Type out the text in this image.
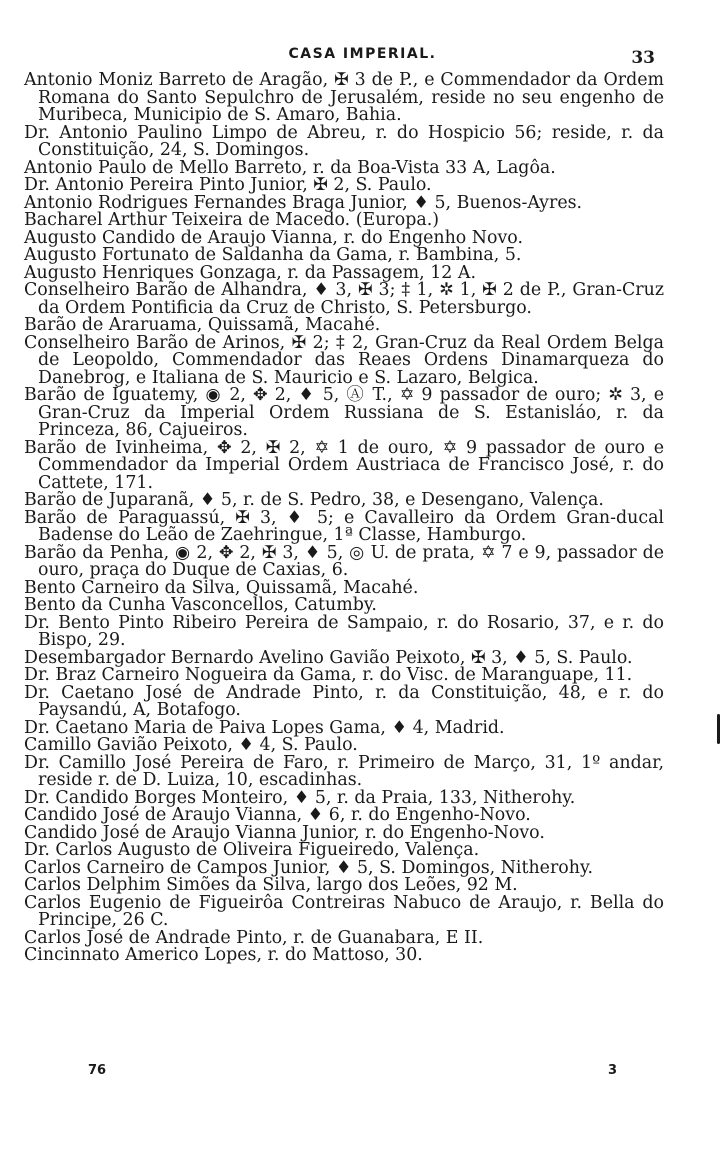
CASA IMPERIAL.	33
Antonio Moniz Barreto de Aragão, ✠ 3 de P., e Commendador da Ordem Romana do Santo Sepulchro de Jerusalém, reside no seu engenho de Muribeca, Municipio de S. Amaro, Bahia.
Dr. Antonio Paulino Limpo de Abreu, r. do Hospicio 56; reside, r. da Constituição, 24, S. Domingos.
Antonio Paulo de Mello Barreto, r. da Boa-Vista 33 A, Lagôa.
Dr. Antonio Pereira Pinto Junior, ✠ 2, S. Paulo.
Antonio Rodrigues Fernandes Braga Junior, ♦ 5, Buenos-Ayres.
Bacharel Arthur Teixeira de Macedo. (Europa.)
Augusto Candido de Araujo Vianna, r. do Engenho Novo.
Augusto Fortunato de Saldanha da Gama, r. Bambina, 5.
Augusto Henriques Gonzaga, r. da Passagem, 12 A.
Conselheiro Barão de Alhandra, ♦ 3, ✠ 3; ‡ 1, ✲ 1, ✠ 2 de P., Gran-Cruz da Ordem Pontificia da Cruz de Christo, S. Petersburgo.
Barão de Araruama, Quissamã, Macahé.
Conselheiro Barão de Arinos, ✠ 2; ‡ 2, Gran-Cruz da Real Ordem Belga de Leopoldo, Commendador das Reaes Ordens Dinamarqueza do Danebrog, e Italiana de S. Mauricio e S. Lazaro, Belgica.
Barão de Iguatemy, ◉ 2, ✥ 2, ♦ 5, Ⓐ T., ✡ 9 passador de ouro; ✲ 3, e Gran-Cruz da Imperial Ordem Russiana de S. Estanisláo, r. da Princeza, 86, Cajueiros.
Barão de Ivinheima, ✥ 2, ✠ 2, ✡ 1 de ouro, ✡ 9 passador de ouro e Commendador da Imperial Ordem Austriaca de Francisco José, r. do Cattete, 171.
Barão de Juparanã, ♦ 5, r. de S. Pedro, 38, e Desengano, Valença.
Barão de Paraguassú, ✠ 3, ♦ 5; e Cavalleiro da Ordem Gran-ducal Badense do Leão de Zaehringue, 1ª Classe, Hamburgo.
Barão da Penha, ◉ 2, ✥ 2, ✠ 3, ♦ 5, ◎ U. de prata, ✡ 7 e 9, passador de ouro, praça do Duque de Caxias, 6.
Bento Carneiro da Silva, Quissamã, Macahé.
Bento da Cunha Vasconcellos, Catumby.
Dr. Bento Pinto Ribeiro Pereira de Sampaio, r. do Rosario, 37, e r. do Bispo, 29.
Desembargador Bernardo Avelino Gavião Peixoto, ✠ 3, ♦ 5, S. Paulo.
Dr. Braz Carneiro Nogueira da Gama, r. do Visc. de Maranguape, 11.
Dr. Caetano José de Andrade Pinto, r. da Constituição, 48, e r. do Paysandú, A, Botafogo.
Dr. Caetano Maria de Paiva Lopes Gama, ♦ 4, Madrid.
Camillo Gavião Peixoto, ♦ 4, S. Paulo.
Dr. Camillo José Pereira de Faro, r. Primeiro de Março, 31, 1º andar, reside r. de D. Luiza, 10, escadinhas.
Dr. Candido Borges Monteiro, ♦ 5, r. da Praia, 133, Nitherohy.
Candido José de Araujo Vianna, ♦ 6, r. do Engenho-Novo.
Candido José de Araujo Vianna Junior, r. do Engenho-Novo.
Dr. Carlos Augusto de Oliveira Figueiredo, Valença.
Carlos Carneiro de Campos Junior, ♦ 5, S. Domingos, Nitherohy.
Carlos Delphim Simões da Silva, largo dos Leões, 92 M.
Carlos Eugenio de Figueirôa Contreiras Nabuco de Araujo, r. Bella do Principe, 26 C.
Carlos José de Andrade Pinto, r. de Guanabara, E II.
Cincinnato Americo Lopes, r. do Mattoso, 30.
76	3
